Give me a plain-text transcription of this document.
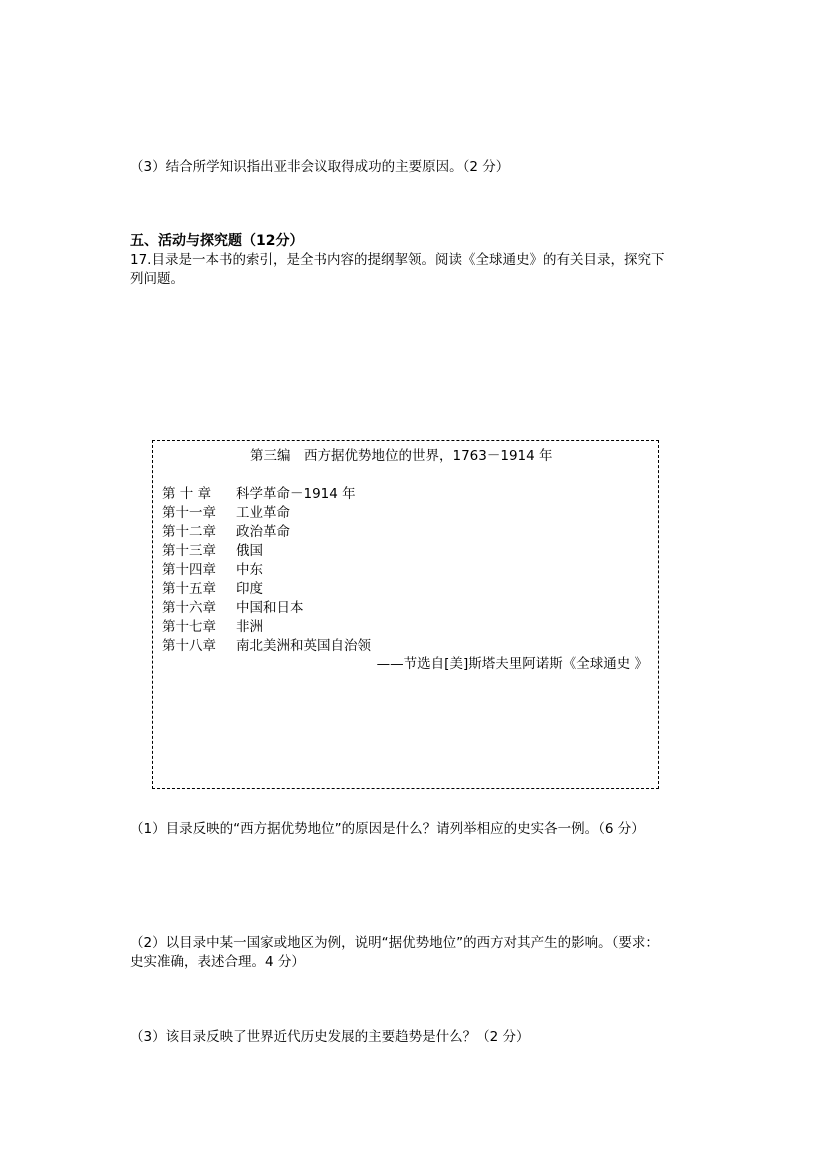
（3）结合所学知识指出亚非会议取得成功的主要原因。（2 分）
五、活动与探究题（12分）
17.目录是一本书的索引，是全书内容的提纲挈领。阅读《全球通史》的有关目录，探究下
列问题。
第三编　西方据优势地位的世界，1763－1914 年
第 十 章	科学革命－1914 年
第十一章	工业革命
第十二章	政治革命
第十三章	俄国
第十四章	中东
第十五章	印度
第十六章	中国和日本
第十七章	非洲
第十八章	南北美洲和英国自治领
——节选自[美]斯塔夫里阿诺斯《全球通史 》
（1）目录反映的“西方据优势地位”的原因是什么？请列举相应的史实各一例。（6 分）
（2）以目录中某一国家或地区为例，说明“据优势地位”的西方对其产生的影响。（要求：
史实准确，表述合理。4 分）
（3）该目录反映了世界近代历史发展的主要趋势是什么？（2 分）
